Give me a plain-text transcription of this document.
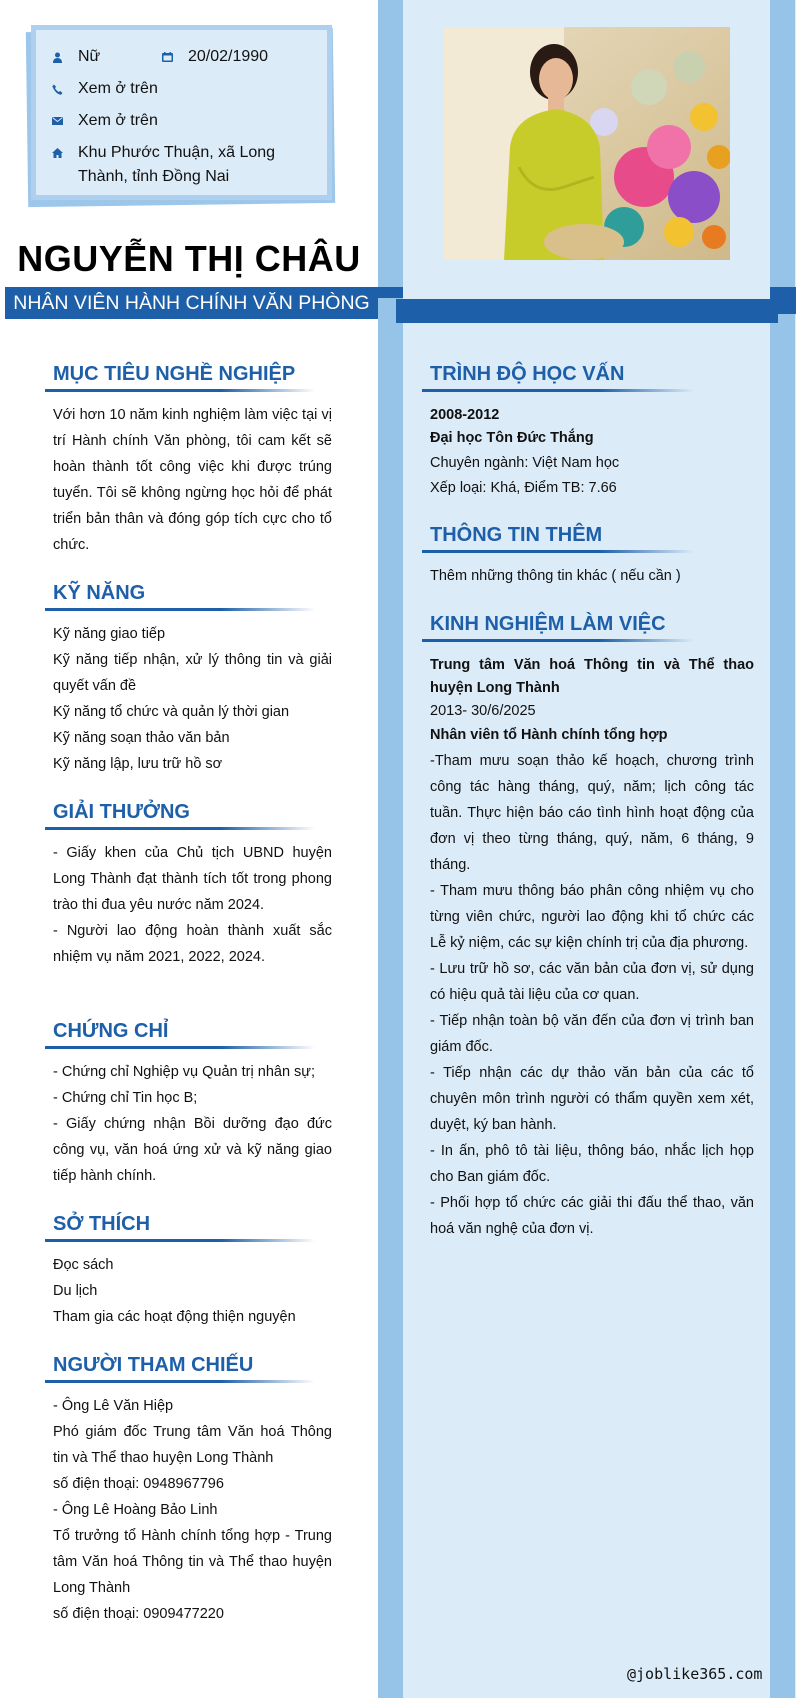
Nữ	20/02/1990
Xem ở trên
Xem ở trên
Khu Phước Thuận, xã Long Thành, tỉnh Đồng Nai
NGUYỄN THỊ CHÂU
NHÂN VIÊN HÀNH CHÍNH VĂN PHÒNG
MỤC TIÊU NGHỀ NGHIỆP
Với hơn 10 năm kinh nghiệm làm việc tại vị trí Hành chính Văn phòng, tôi cam kết sẽ hoàn thành tốt công việc khi được trúng tuyển. Tôi sẽ không ngừng học hỏi để phát triển bản thân và đóng góp tích cực cho tổ chức.
KỸ NĂNG
Kỹ năng giao tiếp
Kỹ năng tiếp nhận, xử lý thông tin và giải quyết vấn đề
Kỹ năng tổ chức và quản lý thời gian
Kỹ năng soạn thảo văn bản
Kỹ năng lập, lưu trữ hồ sơ
GIẢI THƯỞNG
- Giấy khen của Chủ tịch UBND huyện Long Thành đạt thành tích tốt trong phong trào thi đua yêu nước năm 2024.
- Người lao động hoàn thành xuất sắc nhiệm vụ năm 2021, 2022, 2024.
CHỨNG CHỈ
- Chứng chỉ Nghiệp vụ Quản trị nhân sự;
- Chứng chỉ Tin học B;
- Giấy chứng nhận Bồi dưỡng đạo đức công vụ, văn hoá ứng xử và kỹ năng giao tiếp hành chính.
SỞ THÍCH
Đọc sách
Du lịch
Tham gia các hoạt động thiện nguyện
NGƯỜI THAM CHIẾU
- Ông Lê Văn Hiệp
Phó giám đốc Trung tâm Văn hoá Thông tin và Thể thao huyện Long Thành
số điện thoại: 0948967796
- Ông Lê Hoàng Bảo Linh
Tổ trưởng tổ Hành chính tổng hợp - Trung tâm Văn hoá Thông tin và Thể thao huyện Long Thành
số điện thoại: 0909477220
TRÌNH ĐỘ HỌC VẤN
2008-2012
Đại học Tôn Đức Thắng
Chuyên ngành: Việt Nam học
Xếp loại: Khá, Điểm TB: 7.66
THÔNG TIN THÊM
Thêm những thông tin khác ( nếu cần )
KINH NGHIỆM LÀM VIỆC
Trung tâm Văn hoá Thông tin và Thể thao huyện Long Thành
2013- 30/6/2025
Nhân viên tổ Hành chính tổng hợp
-Tham mưu soạn thảo kế hoạch, chương trình công tác hàng tháng, quý, năm; lịch công tác tuần. Thực hiện báo cáo tình hình hoạt động của đơn vị theo từng tháng, quý, năm, 6 tháng, 9 tháng.
- Tham mưu thông báo phân công nhiệm vụ cho từng viên chức, người lao động khi tổ chức các Lễ kỷ niệm, các sự kiện chính trị của địa phương.
- Lưu trữ hồ sơ, các văn bản của đơn vị, sử dụng có hiệu quả tài liệu của cơ quan.
- Tiếp nhận toàn bộ văn đến của đơn vị trình ban giám đốc.
- Tiếp nhận các dự thảo văn bản của các tổ chuyên môn trình người có thẩm quyền xem xét, duyệt, ký ban hành.
- In ấn, phô tô tài liệu, thông báo, nhắc lịch họp cho Ban giám đốc.
- Phối hợp tổ chức các giải thi đấu thể thao, văn hoá văn nghệ của đơn vị.
@joblike365.com
